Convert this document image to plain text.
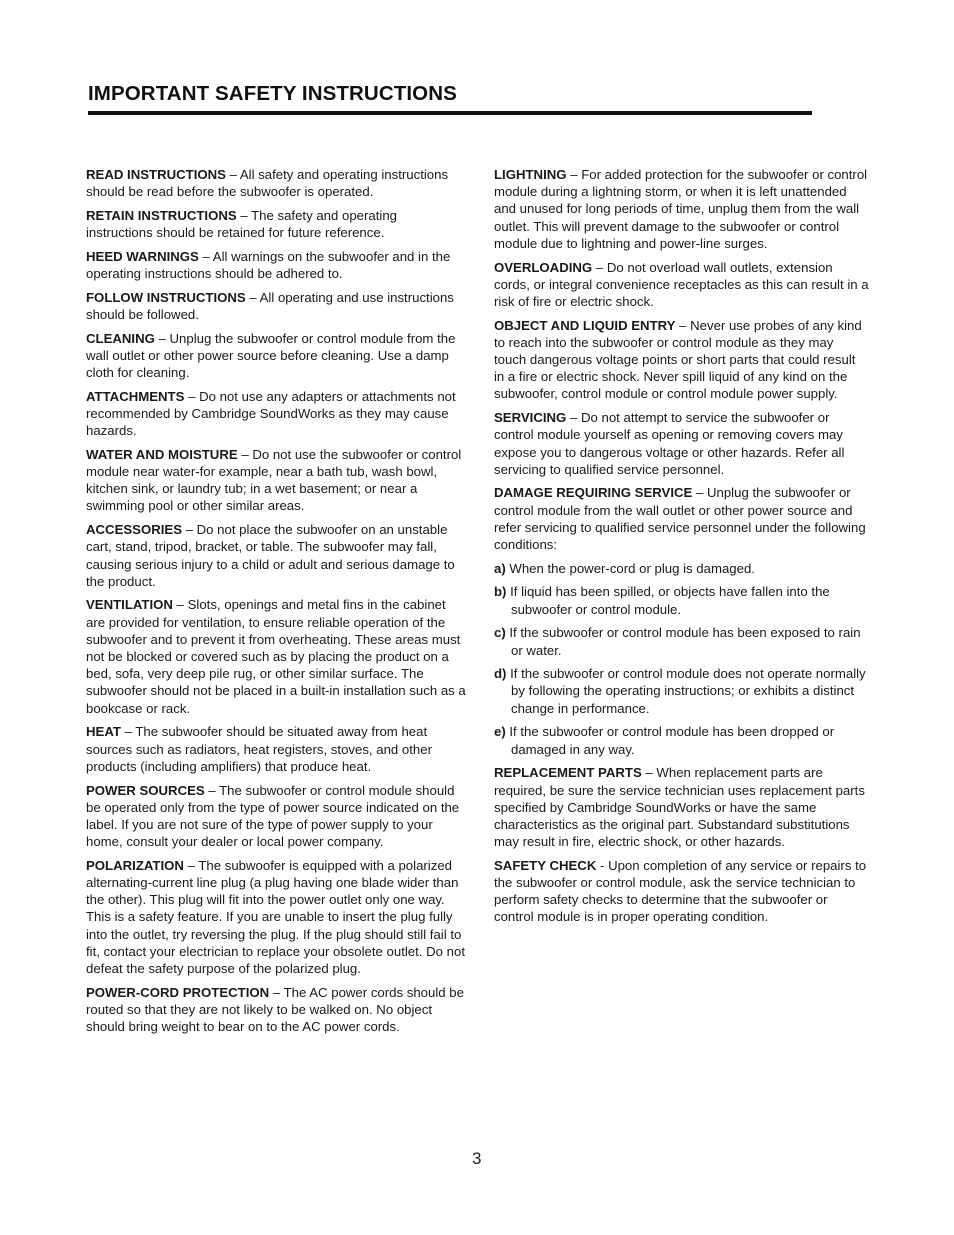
IMPORTANT SAFETY INSTRUCTIONS

READ INSTRUCTIONS – All safety and operating instructions should be read before the subwoofer is operated.

RETAIN INSTRUCTIONS – The safety and operating instructions should be retained for future reference.

HEED WARNINGS – All warnings on the subwoofer and in the operating instructions should be adhered to.

FOLLOW INSTRUCTIONS – All operating and use instructions should be followed.

CLEANING – Unplug the subwoofer or control module from the wall outlet or other power source before cleaning. Use a damp cloth for cleaning.

ATTACHMENTS – Do not use any adapters or attachments not recommended by Cambridge SoundWorks as they may cause hazards.

WATER AND MOISTURE – Do not use the subwoofer or control module near water-for example, near a bath tub, wash bowl, kitchen sink, or laundry tub; in a wet basement; or near a swimming pool or other similar areas.

ACCESSORIES – Do not place the subwoofer on an unstable cart, stand, tripod, bracket, or table. The subwoofer may fall, causing serious injury to a child or adult and serious damage to the product.

VENTILATION – Slots, openings and metal fins in the cabinet are provided for ventilation, to ensure reliable operation of the subwoofer and to prevent it from overheating. These areas must not be blocked or covered such as by placing the product on a bed, sofa, very deep pile rug, or other similar surface. The subwoofer should not be placed in a built-in installation such as a bookcase or rack.

HEAT – The subwoofer should be situated away from heat sources such as radiators, heat registers, stoves, and other products (including amplifiers) that produce heat.

POWER SOURCES – The subwoofer or control module should be operated only from the type of power source indicated on the label. If you are not sure of the type of power supply to your home, consult your dealer or local power company.

POLARIZATION – The subwoofer is equipped with a polarized alternating-current line plug (a plug having one blade wider than the other). This plug will fit into the power outlet only one way. This is a safety feature. If you are unable to insert the plug fully into the outlet, try reversing the plug. If the plug should still fail to fit, contact your electrician to replace your obsolete outlet. Do not defeat the safety purpose of the polarized plug.

POWER-CORD PROTECTION – The AC power cords should be routed so that they are not likely to be walked on. No object should bring weight to bear on to the AC power cords.

LIGHTNING – For added protection for the subwoofer or control module during a lightning storm, or when it is left unattended and unused for long periods of time, unplug them from the wall outlet. This will prevent damage to the subwoofer or control module due to lightning and power-line surges.

OVERLOADING – Do not overload wall outlets, extension cords, or integral convenience receptacles as this can result in a risk of fire or electric shock.

OBJECT AND LIQUID ENTRY – Never use probes of any kind to reach into the subwoofer or control module as they may touch dangerous voltage points or short parts that could result in a fire or electric shock. Never spill liquid of any kind on the subwoofer, control module or control module power supply.

SERVICING – Do not attempt to service the subwoofer or control module yourself as opening or removing covers may expose you to dangerous voltage or other hazards. Refer all servicing to qualified service personnel.

DAMAGE REQUIRING SERVICE – Unplug the subwoofer or control module from the wall outlet or other power source and refer servicing to qualified service personnel under the following conditions:

a) When the power-cord or plug is damaged.

b) If liquid has been spilled, or objects have fallen into the subwoofer or control module.

c) If the subwoofer or control module has been exposed to rain or water.

d) If the subwoofer or control module does not operate normally by following the operating instructions; or exhibits a distinct change in performance.

e) If the subwoofer or control module has been dropped or damaged in any way.

REPLACEMENT PARTS – When replacement parts are required, be sure the service technician uses replacement parts specified by Cambridge SoundWorks or have the same characteristics as the original part. Substandard substitutions may result in fire, electric shock, or other hazards.

SAFETY CHECK - Upon completion of any service or repairs to the subwoofer or control module, ask the service technician to perform safety checks to determine that the subwoofer or control module is in proper operating condition.

3
